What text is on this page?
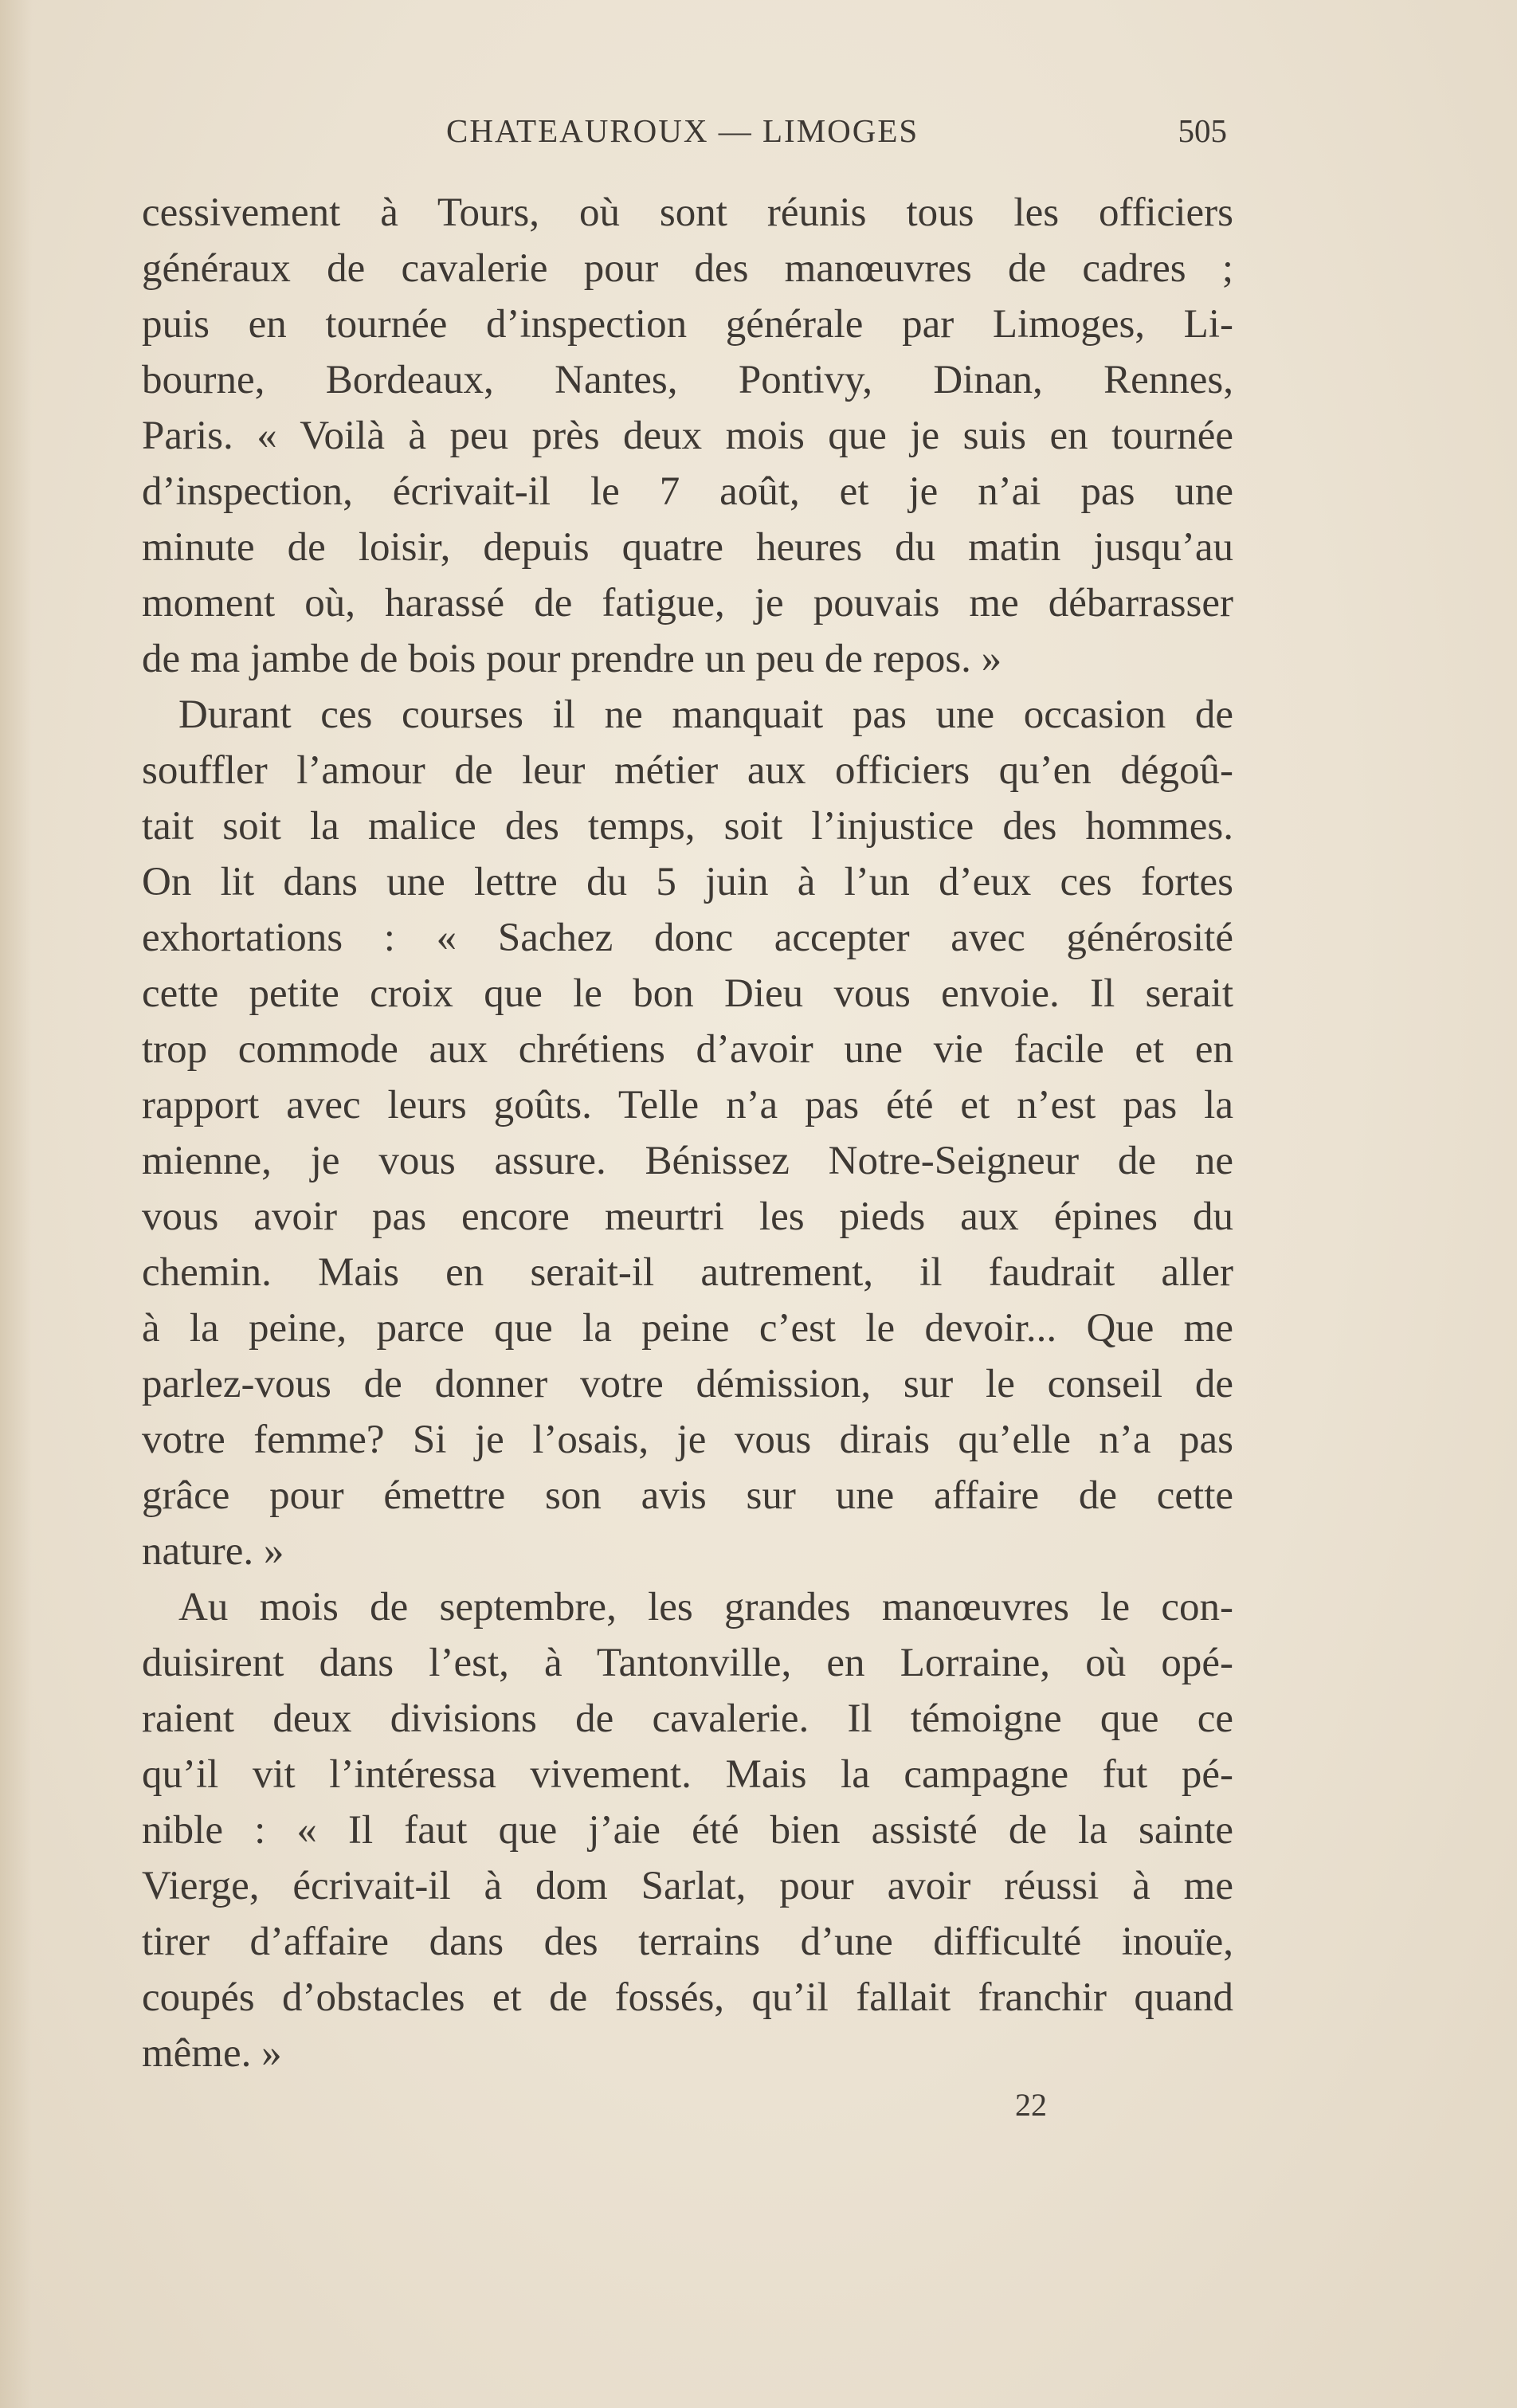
CHATEAUROUX — LIMOGES	505
cessivement à Tours, où sont réunis tous les officiers
généraux de cavalerie pour des manœuvres de cadres ;
puis en tournée d’inspection générale par Limoges, Li-
bourne, Bordeaux, Nantes, Pontivy, Dinan, Rennes,
Paris. « Voilà à peu près deux mois que je suis en tournée
d’inspection, écrivait-il le 7 août, et je n’ai pas une
minute de loisir, depuis quatre heures du matin jusqu’au
moment où, harassé de fatigue, je pouvais me débarrasser
de ma jambe de bois pour prendre un peu de repos. »
Durant ces courses il ne manquait pas une occasion de
souffler l’amour de leur métier aux officiers qu’en dégoû-
tait soit la malice des temps, soit l’injustice des hommes.
On lit dans une lettre du 5 juin à l’un d’eux ces fortes
exhortations : « Sachez donc accepter avec générosité
cette petite croix que le bon Dieu vous envoie. Il serait
trop commode aux chrétiens d’avoir une vie facile et en
rapport avec leurs goûts. Telle n’a pas été et n’est pas la
mienne, je vous assure. Bénissez Notre-Seigneur de ne
vous avoir pas encore meurtri les pieds aux épines du
chemin. Mais en serait-il autrement, il faudrait aller
à la peine, parce que la peine c’est le devoir... Que me
parlez-vous de donner votre démission, sur le conseil de
votre femme? Si je l’osais, je vous dirais qu’elle n’a pas
grâce pour émettre son avis sur une affaire de cette
nature. »
Au mois de septembre, les grandes manœuvres le con-
duisirent dans l’est, à Tantonville, en Lorraine, où opé-
raient deux divisions de cavalerie. Il témoigne que ce
qu’il vit l’intéressa vivement. Mais la campagne fut pé-
nible : « Il faut que j’aie été bien assisté de la sainte
Vierge, écrivait-il à dom Sarlat, pour avoir réussi à me
tirer d’affaire dans des terrains d’une difficulté inouïe,
coupés d’obstacles et de fossés, qu’il fallait franchir quand
même. »
22
